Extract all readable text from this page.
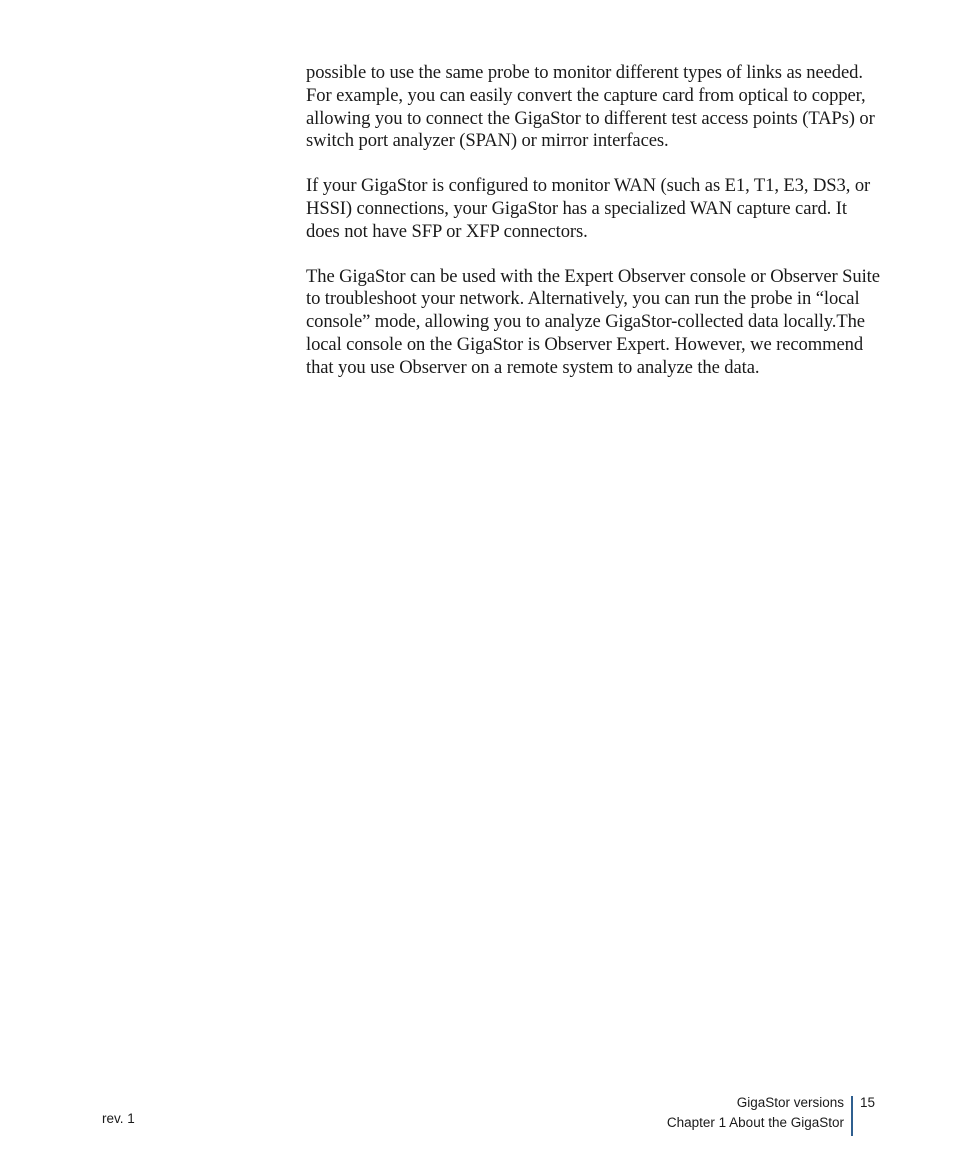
possible to use the same probe to monitor different types of links as needed. For example, you can easily convert the capture card from optical to copper, allowing you to connect the GigaStor to different test access points (TAPs) or switch port analyzer (SPAN) or mirror interfaces.

If your GigaStor is configured to monitor WAN (such as E1, T1, E3, DS3, or HSSI) connections, your GigaStor has a specialized WAN capture card. It does not have SFP or XFP connectors.

The GigaStor can be used with the Expert Observer console or Observer Suite to troubleshoot your network. Alternatively, you can run the probe in “local console” mode, allowing you to analyze GigaStor-collected data locally.The local console on the GigaStor is Observer Expert. However, we recommend that you use Observer on a remote system to analyze the data.

rev. 1
GigaStor versions
Chapter 1 About the GigaStor
15
